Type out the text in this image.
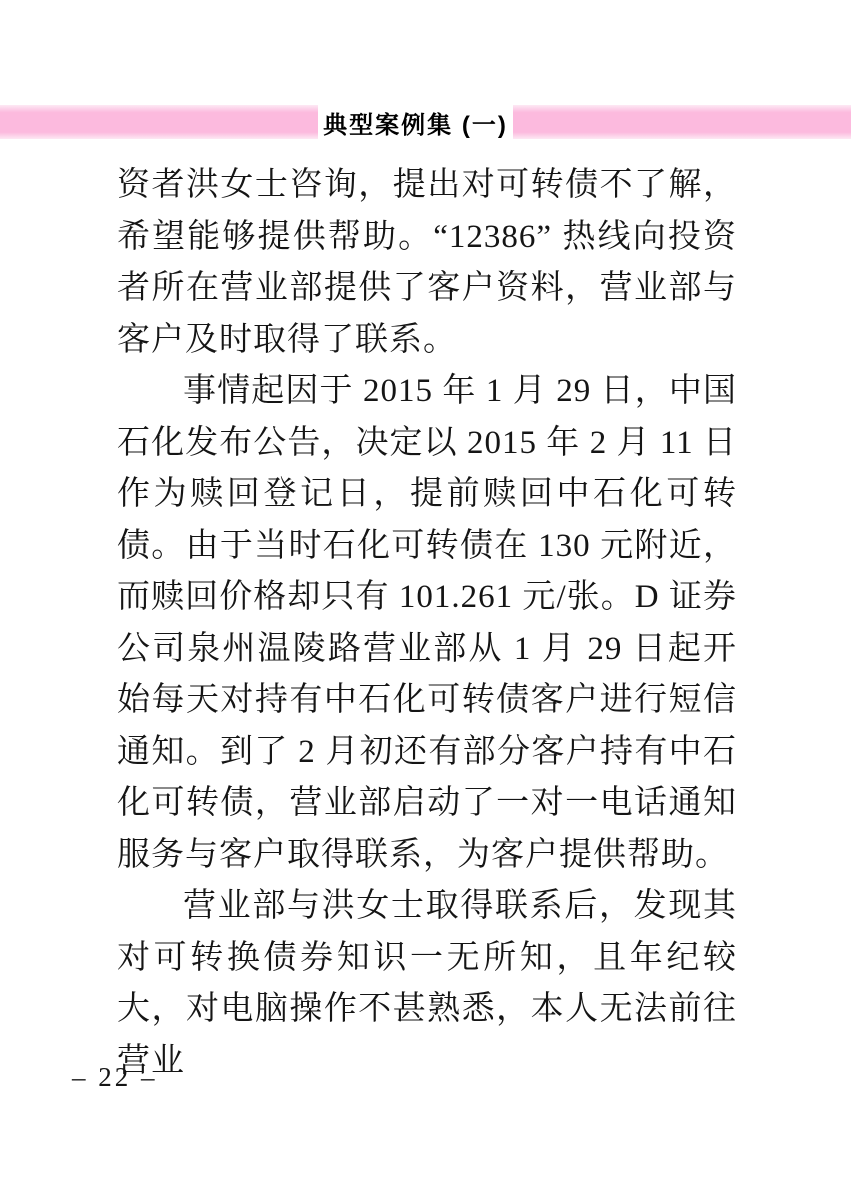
典型案例集 (一)

资者洪女士咨询，提出对可转债不了解，希望能够提供帮助。“12386” 热线向投资者所在营业部提供了客户资料，营业部与客户及时取得了联系。

事情起因于 2015 年 1 月 29 日，中国石化发布公告，决定以 2015 年 2 月 11 日作为赎回登记日，提前赎回中石化可转债。由于当时石化可转债在 130 元附近，而赎回价格却只有 101.261 元/张。D 证券公司泉州温陵路营业部从 1 月 29 日起开始每天对持有中石化可转债客户进行短信通知。到了 2 月初还有部分客户持有中石化可转债，营业部启动了一对一电话通知服务与客户取得联系，为客户提供帮助。

营业部与洪女士取得联系后，发现其对可转换债券知识一无所知，且年纪较大，对电脑操作不甚熟悉，本人无法前往营业

– 22 –
